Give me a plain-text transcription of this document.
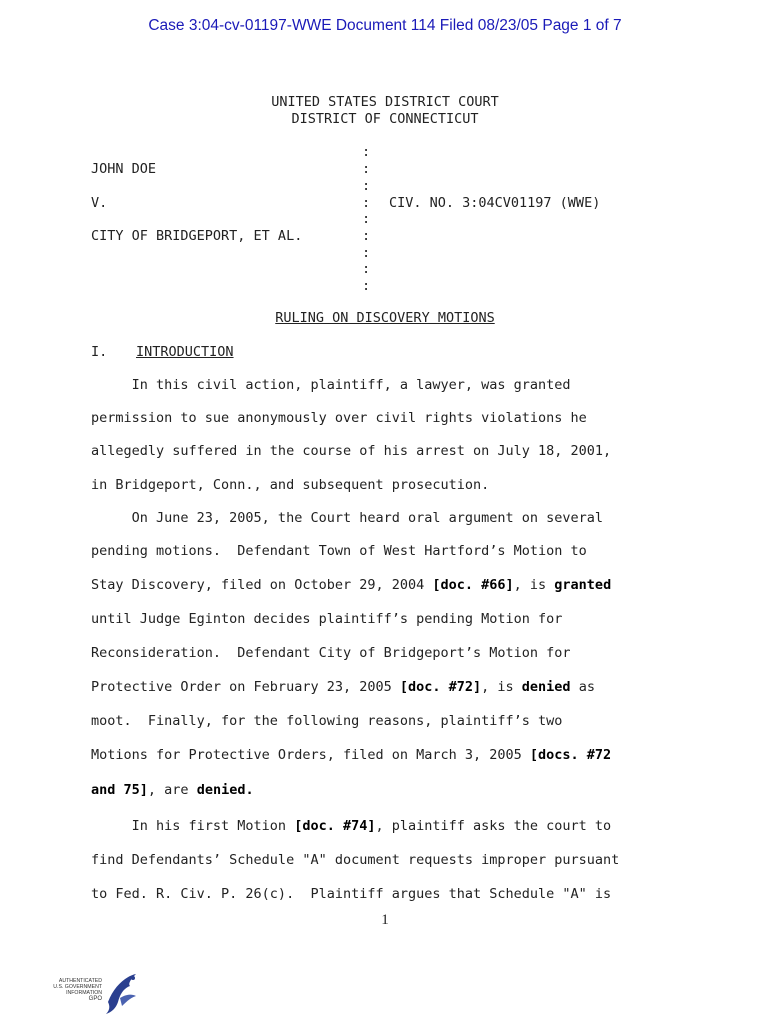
Case 3:04-cv-01197-WWE Document 114 Filed 08/23/05 Page 1 of 7
UNITED STATES DISTRICT COURT
DISTRICT OF CONNECTICUT
JOHN DOE
V.
CITY OF BRIDGEPORT, ET AL.
CIV. NO. 3:04CV01197 (WWE)
:
:
:
:
:
:
:
:
:
RULING ON DISCOVERY MOTIONS
I. INTRODUCTION
In this civil action, plaintiff, a lawyer, was granted
permission to sue anonymously over civil rights violations he
allegedly suffered in the course of his arrest on July 18, 2001,
in Bridgeport, Conn., and subsequent prosecution.
On June 23, 2005, the Court heard oral argument on several
pending motions.  Defendant Town of West Hartford’s Motion to
Stay Discovery, filed on October 29, 2004 [doc. #66], is granted
until Judge Eginton decides plaintiff’s pending Motion for
Reconsideration.  Defendant City of Bridgeport’s Motion for
Protective Order on February 23, 2005 [doc. #72], is denied as
moot.  Finally, for the following reasons, plaintiff’s two
Motions for Protective Orders, filed on March 3, 2005 [docs. #72
and 75], are denied.
In his first Motion [doc. #74], plaintiff asks the court to
find Defendants’ Schedule "A" document requests improper pursuant
to Fed. R. Civ. P. 26(c).  Plaintiff argues that Schedule "A" is
1
AUTHENTICATED
U.S. GOVERNMENT
INFORMATION
GPO
